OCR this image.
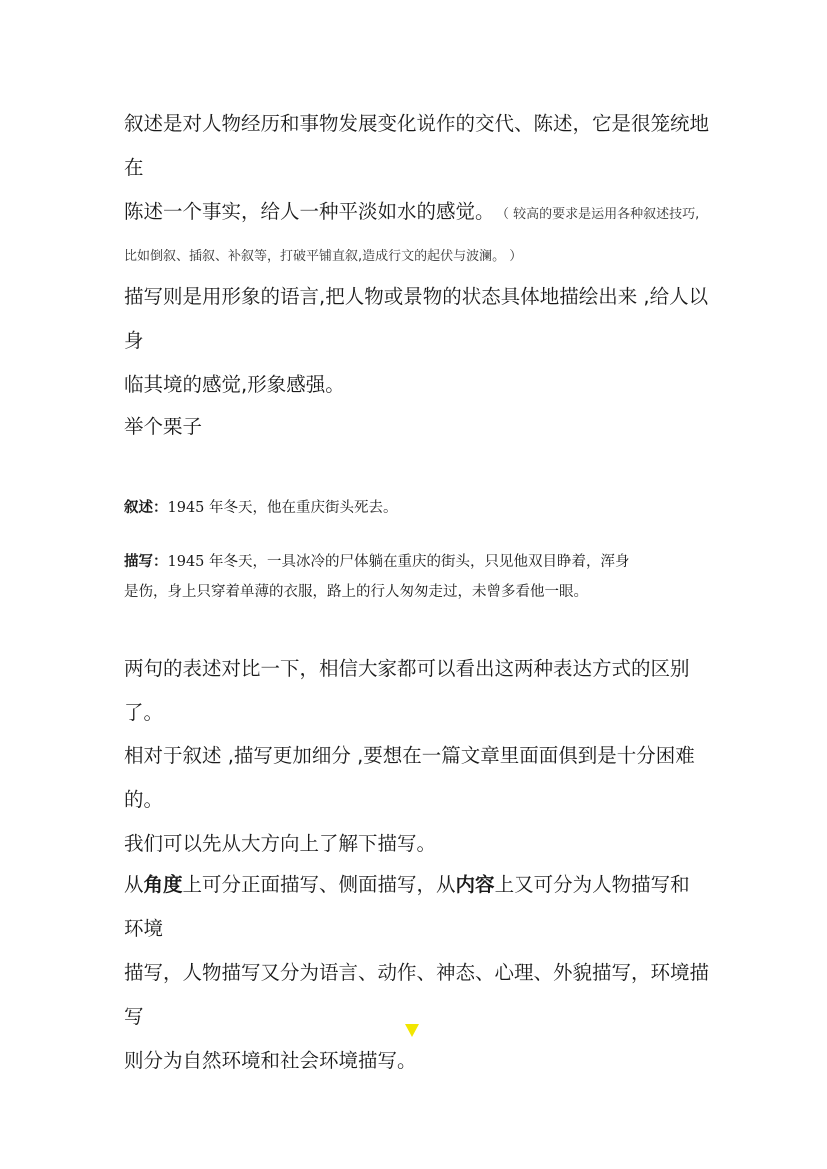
叙述是对人物经历和事物发展变化说作的交代、陈述，它是很笼统地在
陈述一个事实，给人一种平淡如水的感觉。 （ 较高的要求是运用各种叙述技巧,
比如倒叙、插叙、补叙等，打破平铺直叙,造成行文的起伏与波澜。 ）
描写则是用形象的语言,把人物或景物的状态具体地描绘出来 ,给人以身
临其境的感觉,形象感强。
举个栗子
叙述：1945 年冬天，他在重庆街头死去。
描写：1945 年冬天，一具冰冷的尸体躺在重庆的街头，只见他双目睁着，浑身
是伤，身上只穿着单薄的衣服，路上的行人匆匆走过，未曾多看他一眼。
两句的表述对比一下，相信大家都可以看出这两种表达方式的区别了。
相对于叙述 ,描写更加细分 ,要想在一篇文章里面面俱到是十分困难的。
我们可以先从大方向上了解下描写。
从角度上可分正面描写、侧面描写，从内容上又可分为人物描写和环境
描写，人物描写又分为语言、动作、神态、心理、外貌描写，环境描写
则分为自然环境和社会环境描写。
